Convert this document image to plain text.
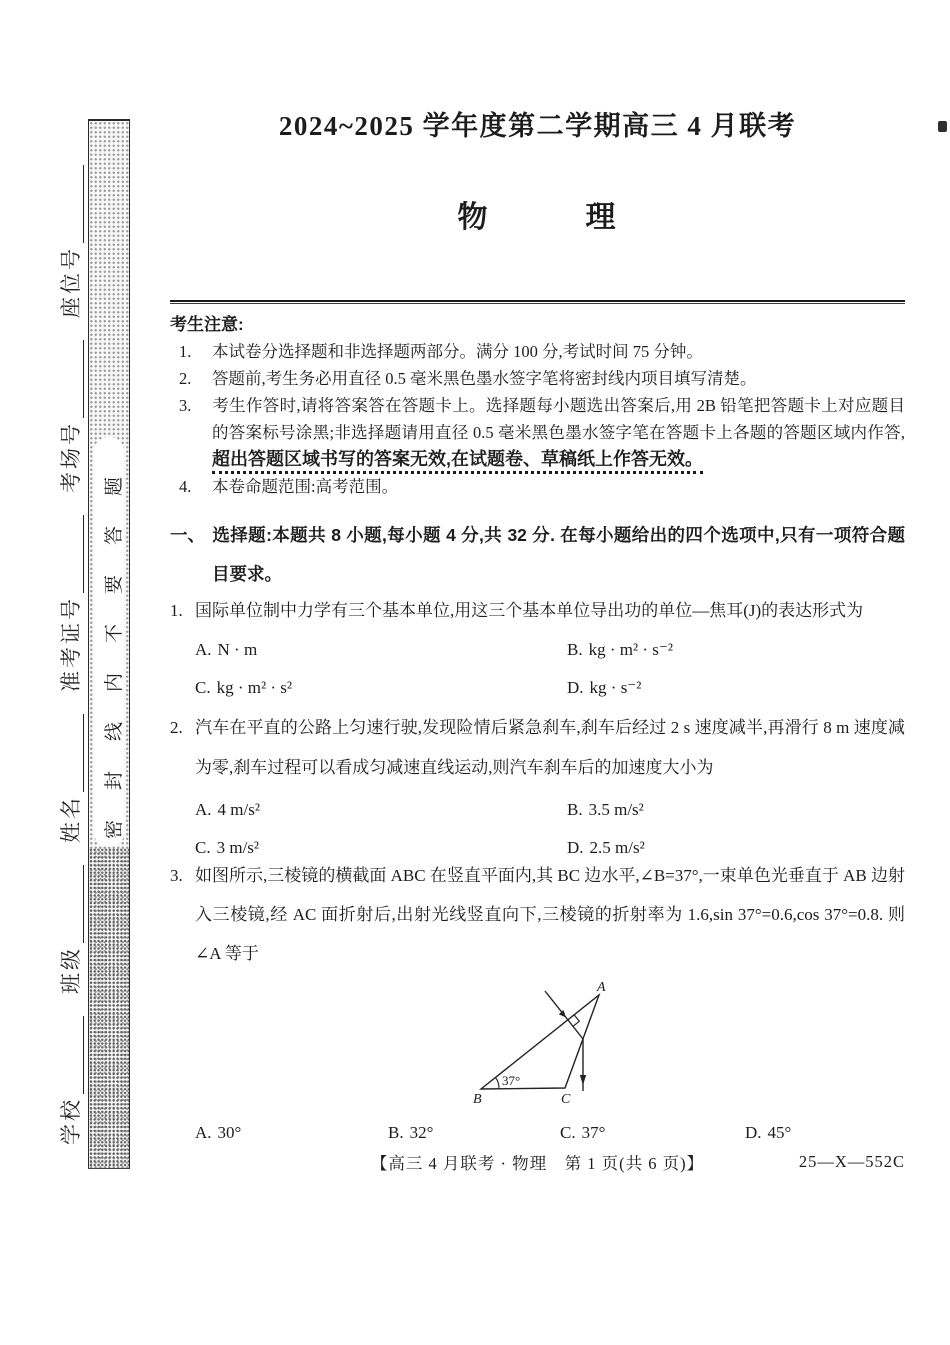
密封线内不要答题
学校
班级
姓名
准考证号
考场号
座位号
2024~2025 学年度第二学期高三 4 月联考
物　　　理
考生注意:
1. 本试卷分选择题和非选择题两部分。满分 100 分,考试时间 75 分钟。
2. 答题前,考生务必用直径 0.5 毫米黑色墨水签字笔将密封线内项目填写清楚。
3. 考生作答时,请将答案答在答题卡上。选择题每小题选出答案后,用 2B 铅笔把答题卡上对应题目的答案标号涂黑;非选择题请用直径 0.5 毫米黑色墨水签字笔在答题卡上各题的答题区域内作答,超出答题区域书写的答案无效,在试题卷、草稿纸上作答无效。
4. 本卷命题范围:高考范围。
一、 选择题:本题共 8 小题,每小题 4 分,共 32 分. 在每小题给出的四个选项中,只有一项符合题目要求。
1. 国际单位制中力学有三个基本单位,用这三个基本单位导出功的单位—焦耳(J)的表达形式为
A. N · m	B. kg · m² · s⁻²
C. kg · m² · s²	D. kg · s⁻²
2. 汽车在平直的公路上匀速行驶,发现险情后紧急刹车,刹车后经过 2 s 速度减半,再滑行 8 m 速度减为零,刹车过程可以看成匀减速直线运动,则汽车刹车后的加速度大小为
A. 4 m/s²	B. 3.5 m/s²
C. 3 m/s²	D. 2.5 m/s²
3. 如图所示,三棱镜的横截面 ABC 在竖直平面内,其 BC 边水平,∠B=37°,一束单色光垂直于 AB 边射入三棱镜,经 AC 面折射后,出射光线竖直向下,三棱镜的折射率为 1.6,sin 37°=0.6,cos 37°=0.8. 则∠A 等于
37°
A
B	C
A. 30°	B. 32°	C. 37°	D. 45°
【高三 4 月联考 · 物理　第 1 页(共 6 页)】	25—X—552C
